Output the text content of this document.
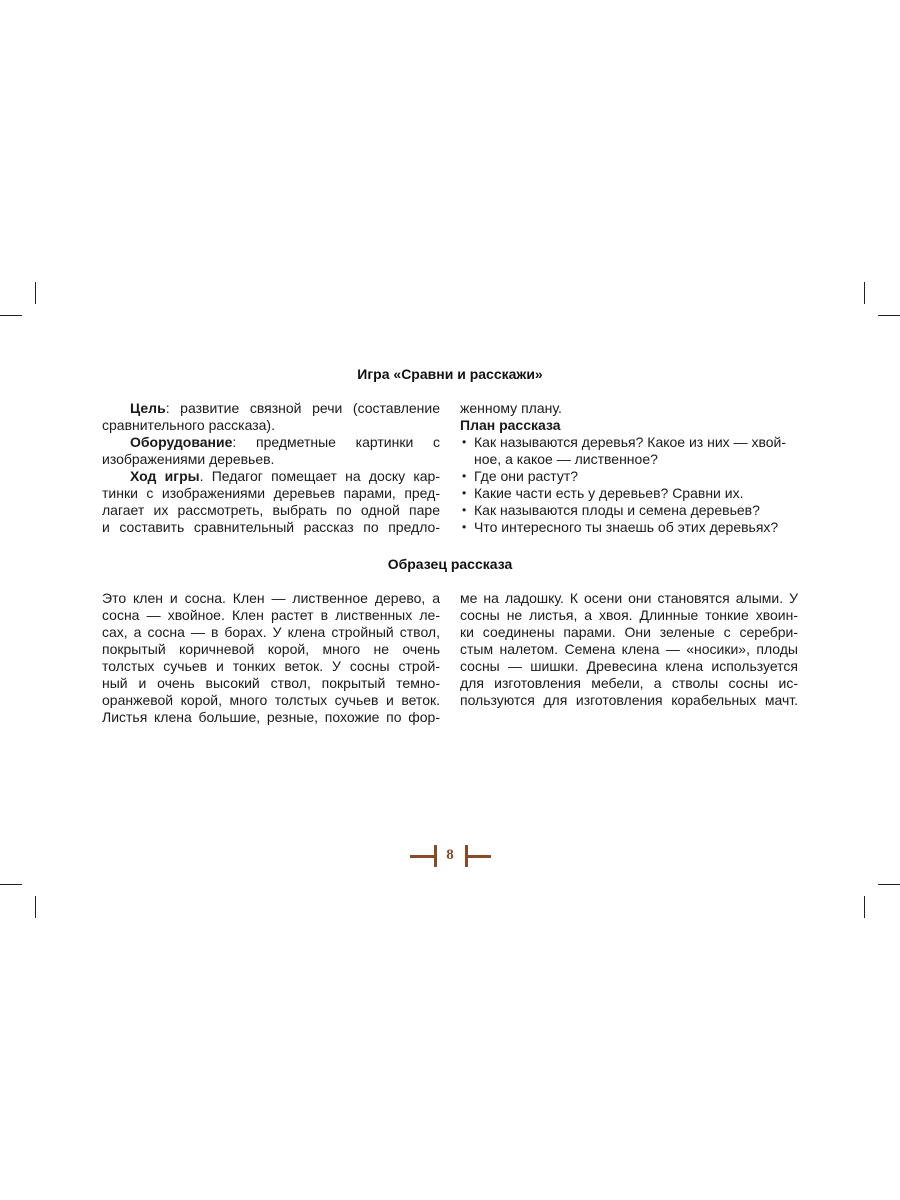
Игра «Сравни и расскажи»

Цель: развитие связной речи (составление

сравнительного рассказа).

Оборудование: предметные картинки с

изображениями деревьев.

Ход игры. Педагог помещает на доску кар-

тинки с изображениями деревьев парами, пред-

лагает их рассмотреть, выбрать по одной паре

и составить сравнительный рассказ по предло-

женному плану.

План рассказа

• Как называются деревья? Какое из них — хвой-
ное, а какое — лиственное?
• Где они растут?
• Какие части есть у деревьев? Сравни их.
• Как называются плоды и семена деревьев?
• Что интересного ты знаешь об этих деревьях?
Образец рассказа

Это клен и сосна. Клен — лиственное дерево, а

сосна — хвойное. Клен растет в лиственных ле-

сах, а сосна — в борах. У клена стройный ствол,

покрытый коричневой корой, много не очень

толстых сучьев и тонких веток. У сосны строй-

ный и очень высокий ствол, покрытый темно-

оранжевой корой, много толстых сучьев и веток.

Листья клена большие, резные, похожие по фор-

ме на ладошку. К осени они становятся алыми. У

сосны не листья, а хвоя. Длинные тонкие хвоин-

ки соединены парами. Они зеленые с серебри-

стым налетом. Семена клена — «носики», плоды

сосны — шишки. Древесина клена используется

для изготовления мебели, а стволы сосны ис-

пользуются для изготовления корабельных мачт.

8
